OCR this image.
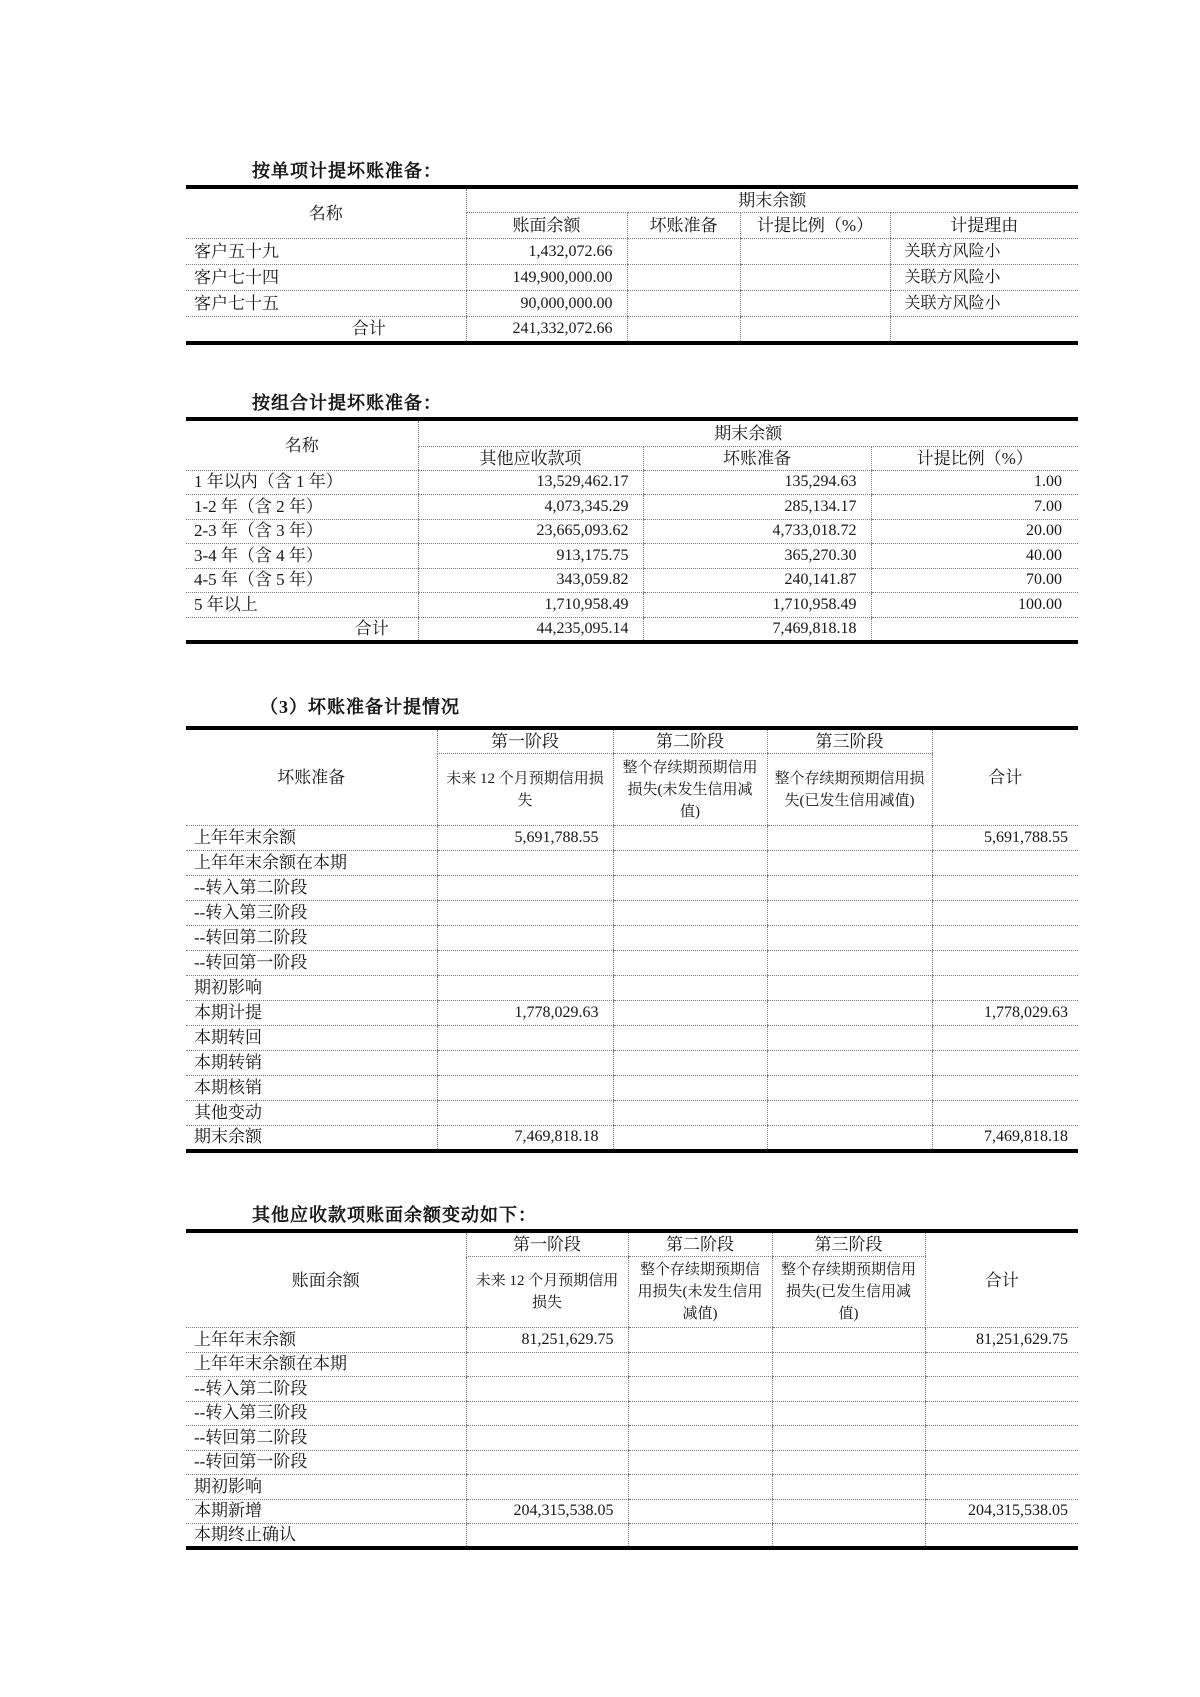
按单项计提坏账准备：
名称	期末余额			
	账面余额	坏账准备	计提比例（%）	计提理由
客户五十九	1,432,072.66			关联方风险小
客户七十四	149,900,000.00			关联方风险小
客户七十五	90,000,000.00			关联方风险小
合计	241,332,072.66			
按组合计提坏账准备：
名称	期末余额		
	其他应收款项	坏账准备	计提比例（%）
1 年以内（含 1 年）	13,529,462.17	135,294.63	1.00
1-2 年（含 2 年）	4,073,345.29	285,134.17	7.00
2-3 年（含 3 年）	23,665,093.62	4,733,018.72	20.00
3-4 年（含 4 年）	913,175.75	365,270.30	40.00
4-5 年（含 5 年）	343,059.82	240,141.87	70.00
5 年以上	1,710,958.49	1,710,958.49	100.00
合计	44,235,095.14	7,469,818.18	
（3）坏账准备计提情况
坏账准备	第一阶段	第二阶段	第三阶段	合计
	未来 12 个月预期信用损失	整个存续期预期信用损失(未发生信用减值)	整个存续期预期信用损失(已发生信用减值)	
上年年末余额	5,691,788.55			5,691,788.55
上年年末余额在本期				
--转入第二阶段				
--转入第三阶段				
--转回第二阶段				
--转回第一阶段				
期初影响				
本期计提	1,778,029.63			1,778,029.63
本期转回				
本期转销				
本期核销				
其他变动				
期末余额	7,469,818.18			7,469,818.18
其他应收款项账面余额变动如下：
账面余额	第一阶段	第二阶段	第三阶段	合计
	未来 12 个月预期信用损失	整个存续期预期信用损失(未发生信用减值)	整个存续期预期信用损失(已发生信用减值)	
上年年末余额	81,251,629.75			81,251,629.75
上年年末余额在本期				
--转入第二阶段				
--转入第三阶段				
--转回第二阶段				
--转回第一阶段				
期初影响				
本期新增	204,315,538.05			204,315,538.05
本期终止确认				
